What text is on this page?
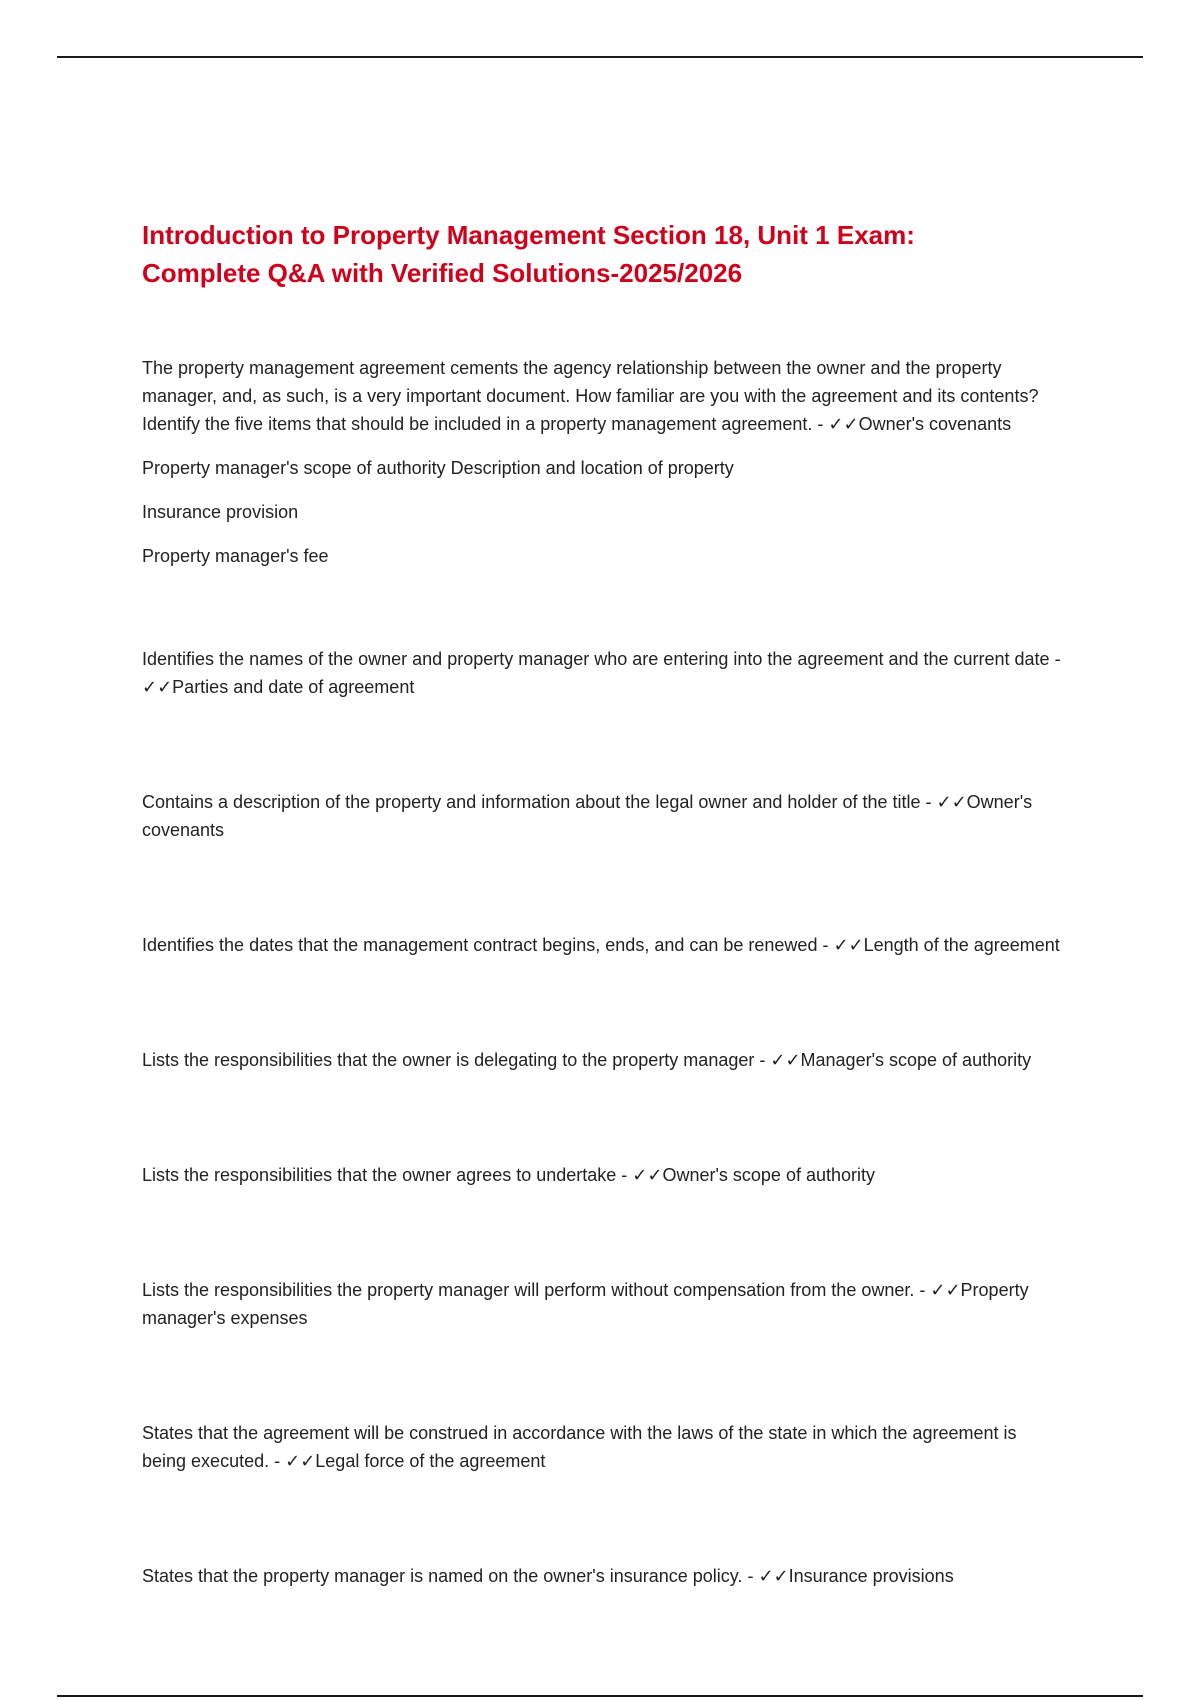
Introduction to Property Management Section 18, Unit 1 Exam:
Complete Q&A with Verified Solutions-2025/2026

The property management agreement cements the agency relationship between the owner and the property manager, and, as such, is a very important document. How familiar are you with the agreement and its contents? Identify the five items that should be included in a property management agreement. - ✓✓Owner's covenants

Property manager's scope of authority Description and location of property

Insurance provision

Property manager's fee

Identifies the names of the owner and property manager who are entering into the agreement and the current date - ✓✓Parties and date of agreement

Contains a description of the property and information about the legal owner and holder of the title - ✓✓Owner's covenants

Identifies the dates that the management contract begins, ends, and can be renewed - ✓✓Length of the agreement

Lists the responsibilities that the owner is delegating to the property manager - ✓✓Manager's scope of authority

Lists the responsibilities that the owner agrees to undertake - ✓✓Owner's scope of authority

Lists the responsibilities the property manager will perform without compensation from the owner. - ✓✓Property manager's expenses

States that the agreement will be construed in accordance with the laws of the state in which the agreement is being executed. - ✓✓Legal force of the agreement

States that the property manager is named on the owner's insurance policy. - ✓✓Insurance provisions
